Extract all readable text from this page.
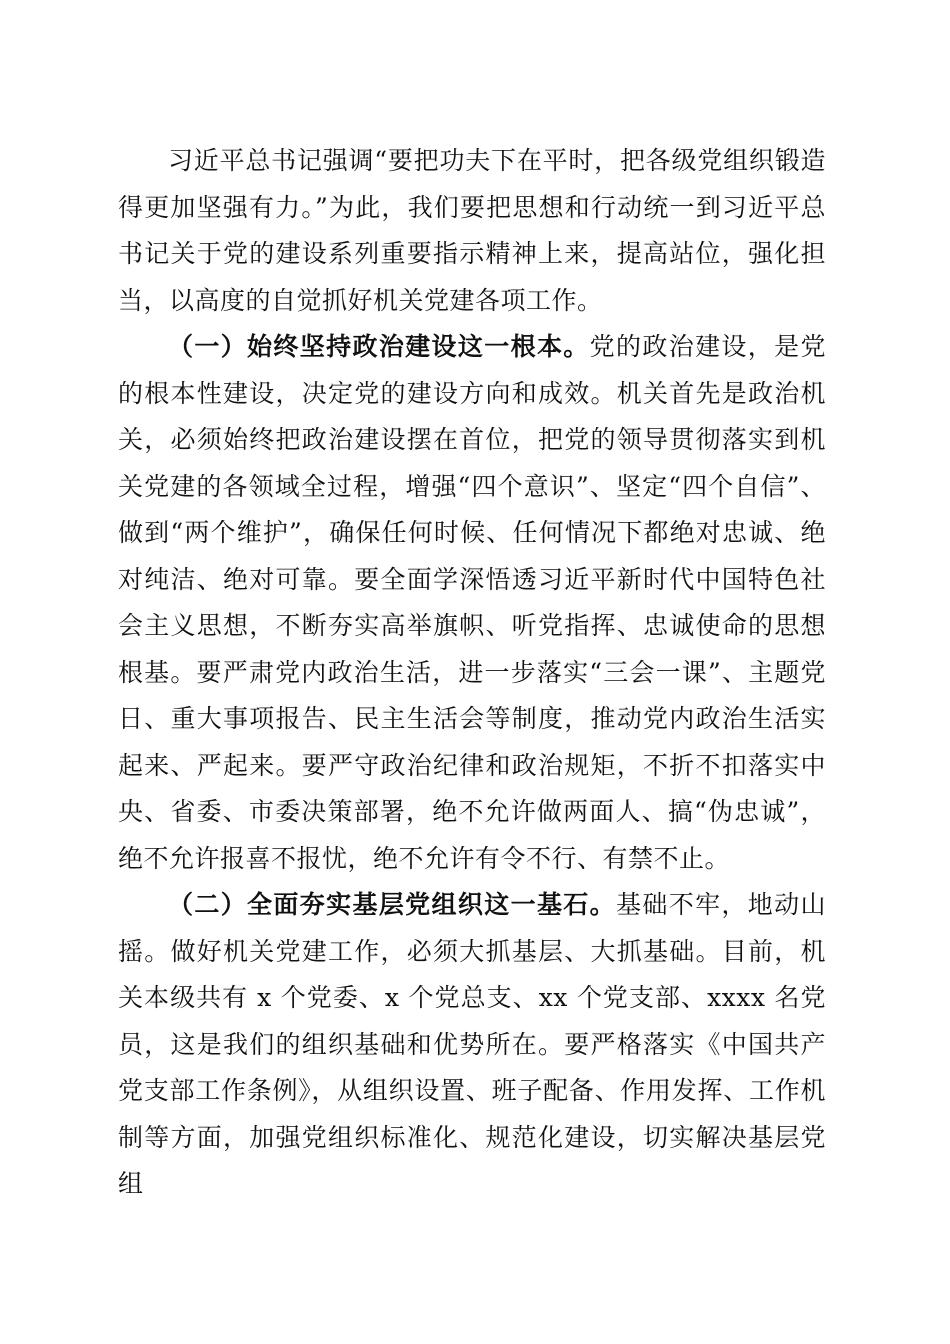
习近平总书记强调“要把功夫下在平时，把各级党组织锻造得更加坚强有力。”为此，我们要把思想和行动统一到习近平总书记关于党的建设系列重要指示精神上来，提高站位，强化担当，以高度的自觉抓好机关党建各项工作。

（一）始终坚持政治建设这一根本。党的政治建设，是党的根本性建设，决定党的建设方向和成效。机关首先是政治机关，必须始终把政治建设摆在首位，把党的领导贯彻落实到机关党建的各领域全过程，增强“四个意识”、坚定“四个自信”、做到“两个维护”，确保任何时候、任何情况下都绝对忠诚、绝对纯洁、绝对可靠。要全面学深悟透习近平新时代中国特色社会主义思想，不断夯实高举旗帜、听党指挥、忠诚使命的思想根基。要严肃党内政治生活，进一步落实“三会一课”、主题党日、重大事项报告、民主生活会等制度，推动党内政治生活实起来、严起来。要严守政治纪律和政治规矩，不折不扣落实中央、省委、市委决策部署，绝不允许做两面人、搞“伪忠诚”，绝不允许报喜不报忧，绝不允许有令不行、有禁不止。

（二）全面夯实基层党组织这一基石。基础不牢，地动山摇。做好机关党建工作，必须大抓基层、大抓基础。目前，机关本级共有 x 个党委、x 个党总支、xx 个党支部、xxxx 名党员，这是我们的组织基础和优势所在。要严格落实《中国共产党支部工作条例》，从组织设置、班子配备、作用发挥、工作机制等方面，加强党组织标准化、规范化建设，切实解决基层党组
